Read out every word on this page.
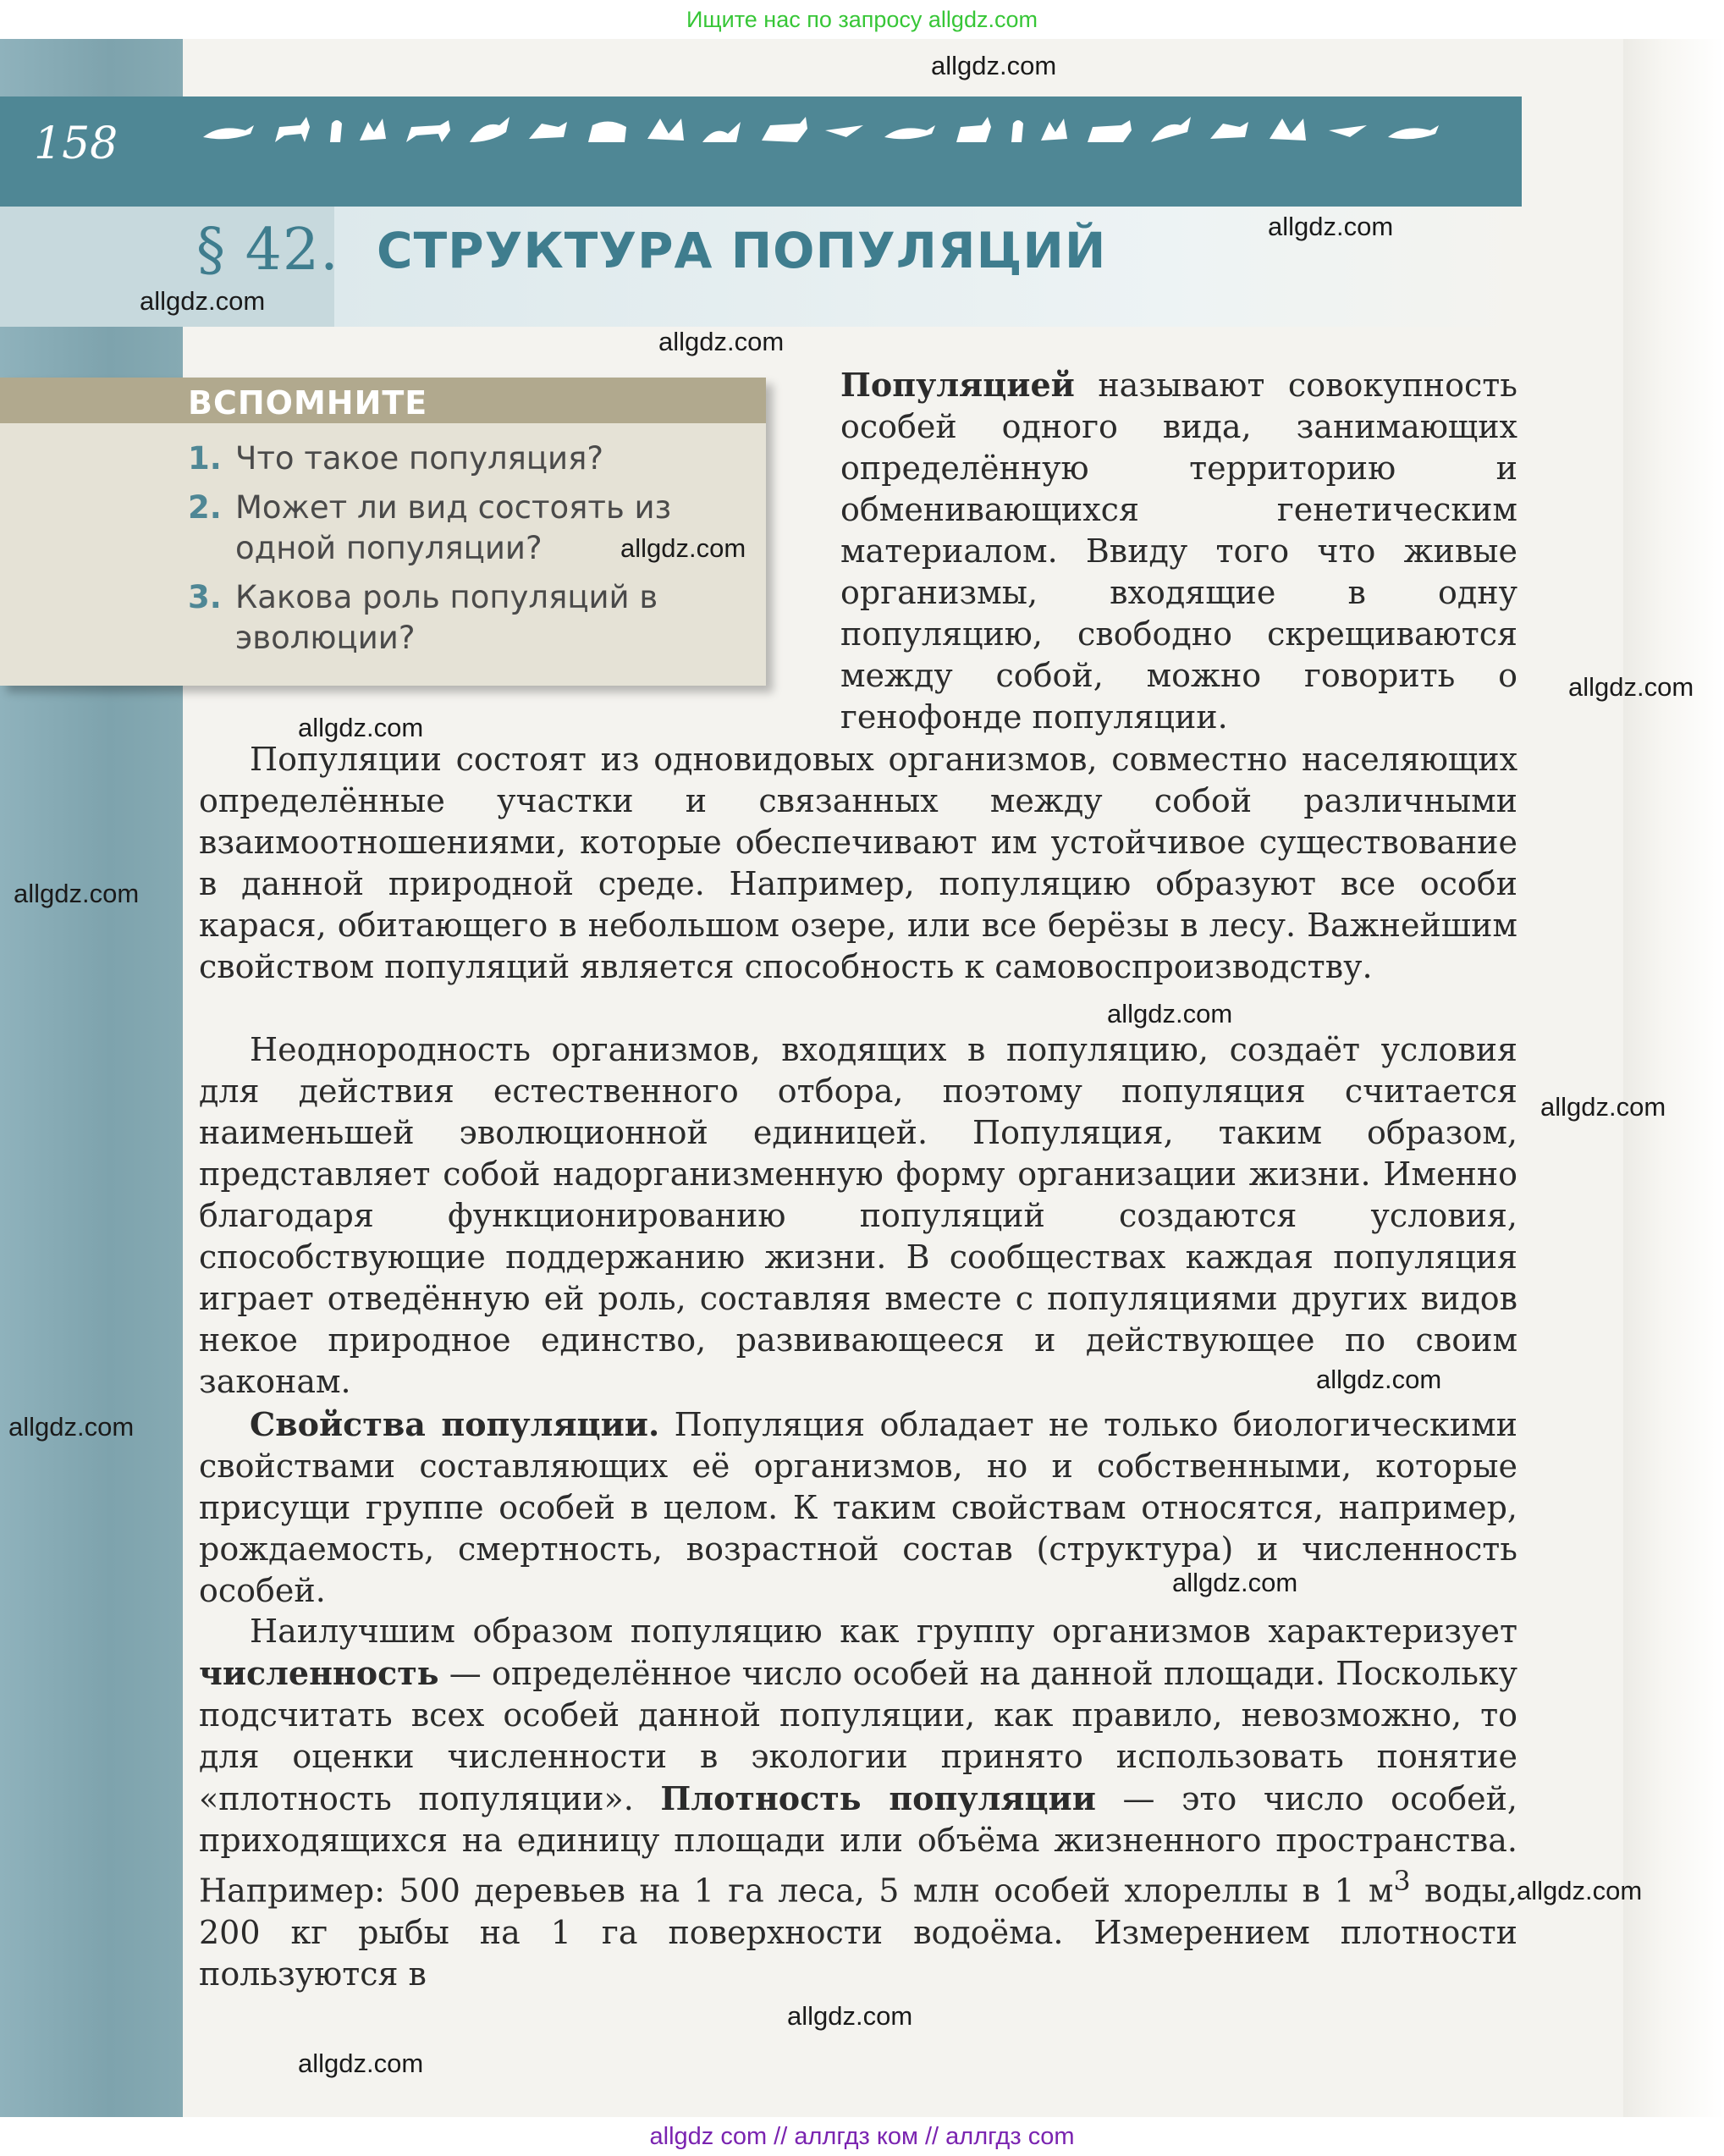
Ищите нас по запросу allgdz.com
158
§ 42. СТРУКТУРА ПОПУЛЯЦИЙ
ВСПОМНИТЕ
1. Что такое популяция?
2. Может ли вид состоять из одной популяции?
3. Какова роль популяций в эволюции?

Популяцией называют совокупность особей одного вида, занимающих определённую территорию и обменивающихся генетическим материалом. Ввиду того что живые организмы, входящие в одну популяцию, свободно скрещиваются между собой, можно говорить о генофонде популяции.

Популяции состоят из одновидовых организмов, совместно населяющих определённые участки и связанных между собой различными взаимоотношениями, которые обеспечивают им устойчивое существование в данной природной среде. Например, популяцию образуют все особи карася, обитающего в небольшом озере, или все берёзы в лесу. Важнейшим свойством популяций является способность к самовоспроизводству.

Неоднородность организмов, входящих в популяцию, создаёт условия для действия естественного отбора, поэтому популяция считается наименьшей эволюционной единицей. Популяция, таким образом, представляет собой надорганизменную форму организации жизни. Именно благодаря функционированию популяций создаются условия, способствующие поддержанию жизни. В сообществах каждая популяция играет отведённую ей роль, составляя вместе с популяциями других видов некое природное единство, развивающееся и действующее по своим законам.

Свойства популяции. Популяция обладает не только биологическими свойствами составляющих её организмов, но и собственными, которые присущи группе особей в целом. К таким свойствам относятся, например, рождаемость, смертность, возрастной состав (структура) и численность особей.

Наилучшим образом популяцию как группу организмов характеризует численность — определённое число особей на данной площади. Поскольку подсчитать всех особей данной популяции, как правило, невозможно, то для оценки численности в экологии принято использовать понятие «плотность популяции». Плотность популяции — это число особей, приходящихся на единицу площади или объёма жизненного пространства. Например: 500 деревьев на 1 га леса, 5 млн особей хлореллы в 1 $м^3$ воды, 200 кг рыбы на 1 га поверхности водоёма. Измерением плотности пользуются в

allgdz.com
allgdz.com
allgdz.com
allgdz.com
allgdz.com
allgdz.com
allgdz.com
allgdz.com
allgdz.com
allgdz.com
allgdz.com
allgdz.com
allgdz.com
allgdz.com
allgdz.com
allgdz.com
allgdz com // аллгдз ком // аллгдз com
